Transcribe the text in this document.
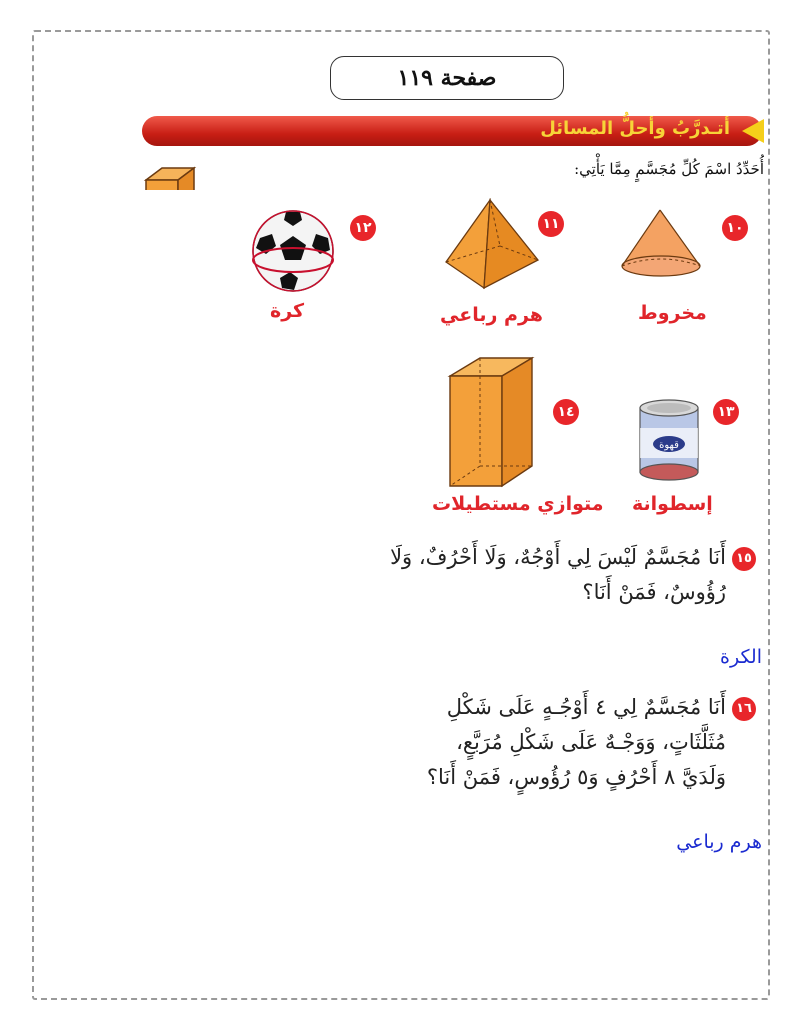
صفحة ١١٩
أتـدرَّبُ وأحلُّ المسائل
أُحَدِّدُ اسْمَ كُلِّ مُجَسَّمٍ مِمَّا يَأْتِي:
١٠
مخروط
١١
هرم رباعي
١٢
كرة
١٣
قهوة
إسطوانة
١٤
متوازي مستطيلات
١٥أَنَا مُجَسَّمٌ لَيْسَ لِي أَوْجُهٌ، وَلَا أَحْرُفٌ، وَلَا
رُؤُوسٌ، فَمَنْ أَنَا؟
الكرة
١٦أَنَا مُجَسَّمٌ لِي ٤ أَوْجُـهٍ عَلَى شَكْلِ
مُثَلَّثَاتٍ، وَوَجْـهٌ عَلَى شَكْلِ مُرَبَّعٍ،
وَلَدَيَّ ٨ أَحْرُفٍ وَ٥ رُؤُوسٍ، فَمَنْ أَنَا؟
هرم رباعي
